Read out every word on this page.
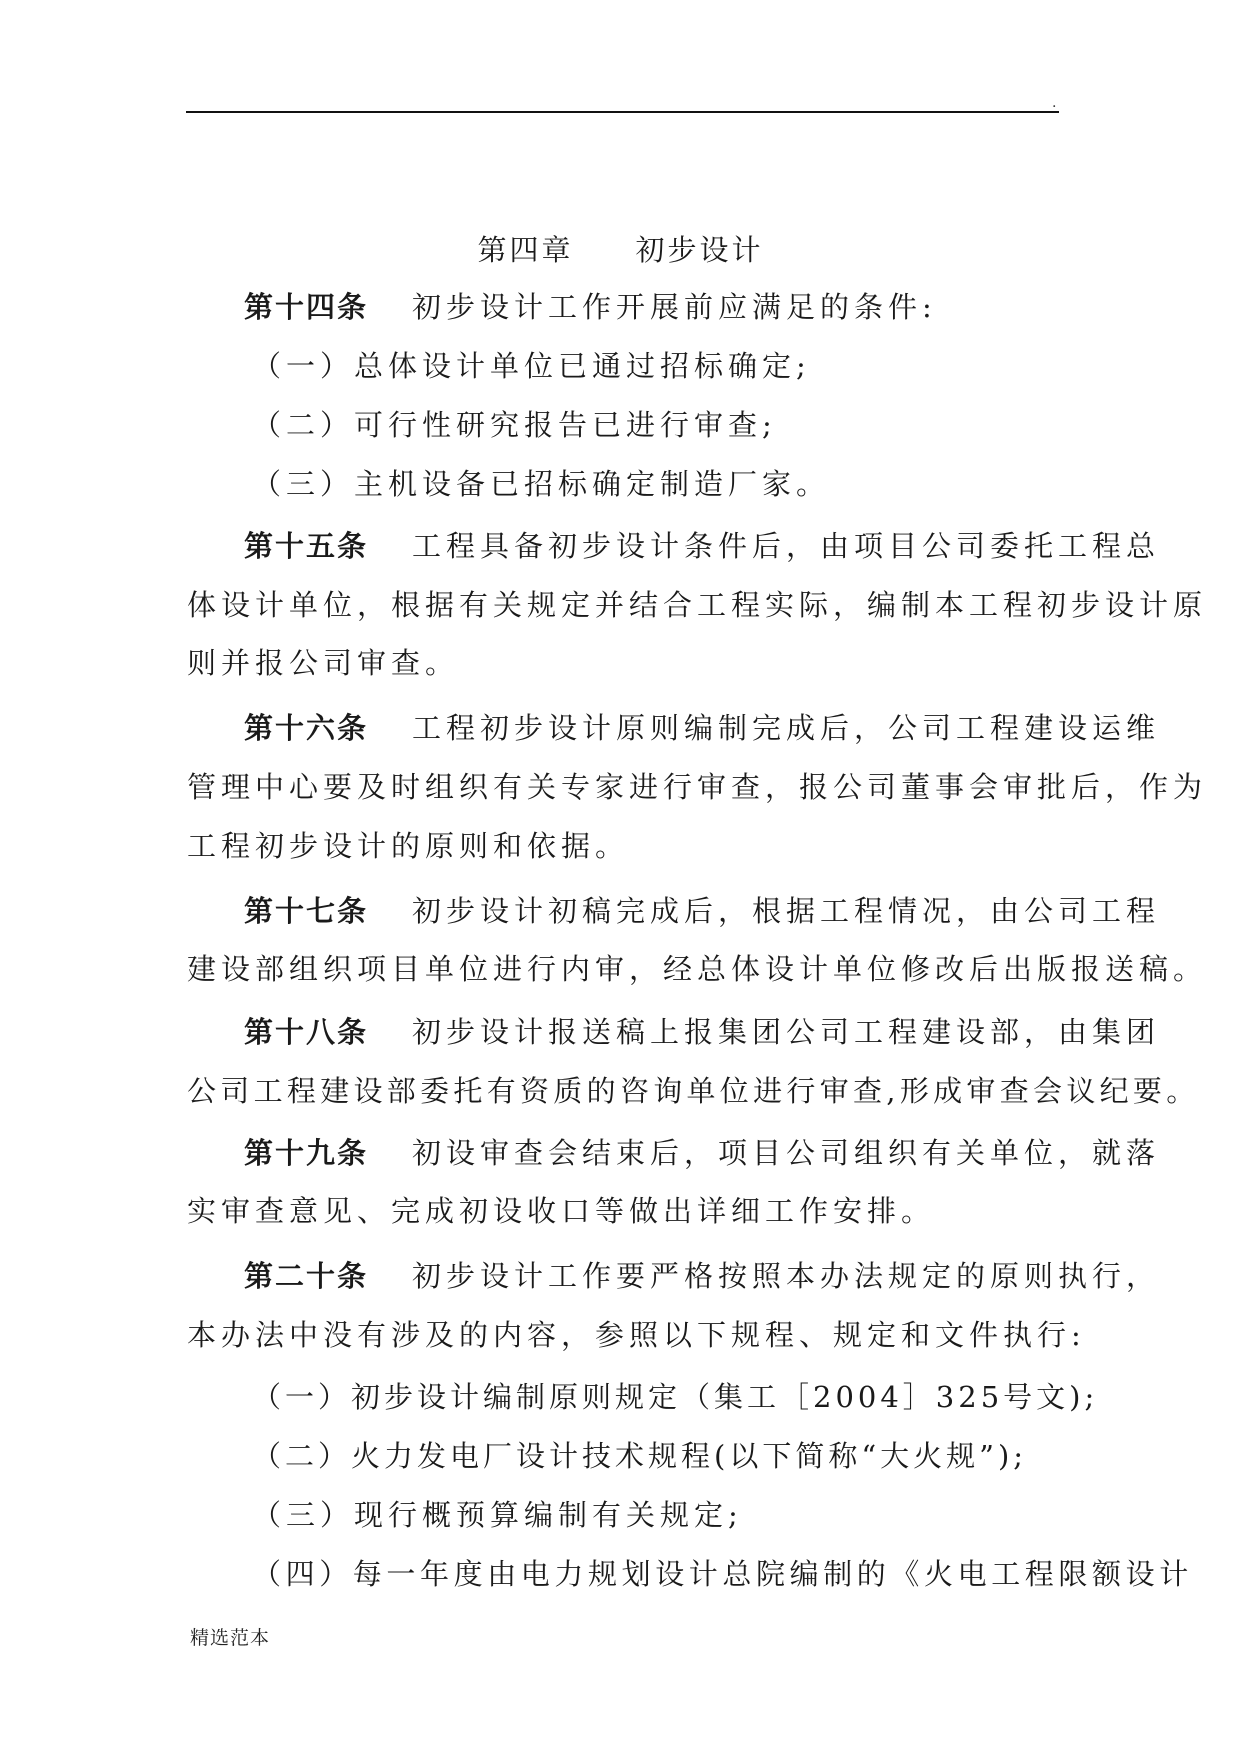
.
第四章 初步设计
第十四条 初步设计工作开展前应满足的条件:
（一）总体设计单位已通过招标确定;
（二）可行性研究报告已进行审查;
（三）主机设备已招标确定制造厂家。
第十五条 工程具备初步设计条件后，由项目公司委托工程总
体设计单位，根据有关规定并结合工程实际，编制本工程初步设计原
则并报公司审查。
第十六条 工程初步设计原则编制完成后，公司工程建设运维
管理中心要及时组织有关专家进行审查，报公司董事会审批后，作为
工程初步设计的原则和依据。
第十七条 初步设计初稿完成后，根据工程情况，由公司工程
建设部组织项目单位进行内审，经总体设计单位修改后出版报送稿。
第十八条 初步设计报送稿上报集团公司工程建设部，由集团
公司工程建设部委托有资质的咨询单位进行审查,形成审查会议纪要。
第十九条 初设审查会结束后，项目公司组织有关单位，就落
实审查意见、完成初设收口等做出详细工作安排。
第二十条 初步设计工作要严格按照本办法规定的原则执行，
本办法中没有涉及的内容，参照以下规程、规定和文件执行:
（一）初步设计编制原则规定（集工［2004］325号文);
（二）火力发电厂设计技术规程(以下简称“大火规”);
（三）现行概预算编制有关规定;
（四）每一年度由电力规划设计总院编制的《火电工程限额设计
精选范本
